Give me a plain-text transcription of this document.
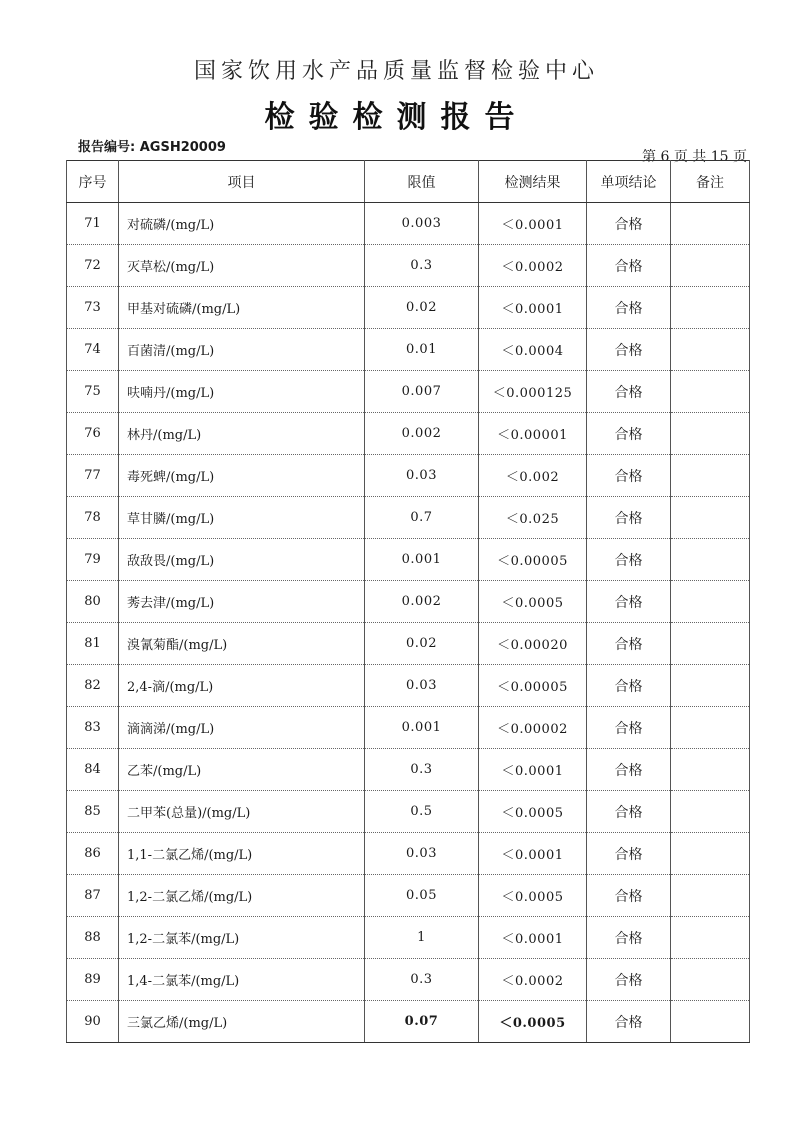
国家饮用水产品质量监督检验中心
检验检测报告
报告编号: AGSH20009
第 6 页 共 15 页
序号	项目	限值	检测结果	单项结论	备注
71	对硫磷/(mg/L)	0.003	＜0.0001	合格	
72	灭草松/(mg/L)	0.3	＜0.0002	合格	
73	甲基对硫磷/(mg/L)	0.02	＜0.0001	合格	
74	百菌清/(mg/L)	0.01	＜0.0004	合格	
75	呋喃丹/(mg/L)	0.007	＜0.000125	合格	
76	林丹/(mg/L)	0.002	＜0.00001	合格	
77	毒死蜱/(mg/L)	0.03	＜0.002	合格	
78	草甘膦/(mg/L)	0.7	＜0.025	合格	
79	敌敌畏/(mg/L)	0.001	＜0.00005	合格	
80	莠去津/(mg/L)	0.002	＜0.0005	合格	
81	溴氰菊酯/(mg/L)	0.02	＜0.00020	合格	
82	2,4-滴/(mg/L)	0.03	＜0.00005	合格	
83	滴滴涕/(mg/L)	0.001	＜0.00002	合格	
84	乙苯/(mg/L)	0.3	＜0.0001	合格	
85	二甲苯(总量)/(mg/L)	0.5	＜0.0005	合格	
86	1,1-二氯乙烯/(mg/L)	0.03	＜0.0001	合格	
87	1,2-二氯乙烯/(mg/L)	0.05	＜0.0005	合格	
88	1,2-二氯苯/(mg/L)	1	＜0.0001	合格	
89	1,4-二氯苯/(mg/L)	0.3	＜0.0002	合格	
90	三氯乙烯/(mg/L)	0.07	＜0.0005	合格	
